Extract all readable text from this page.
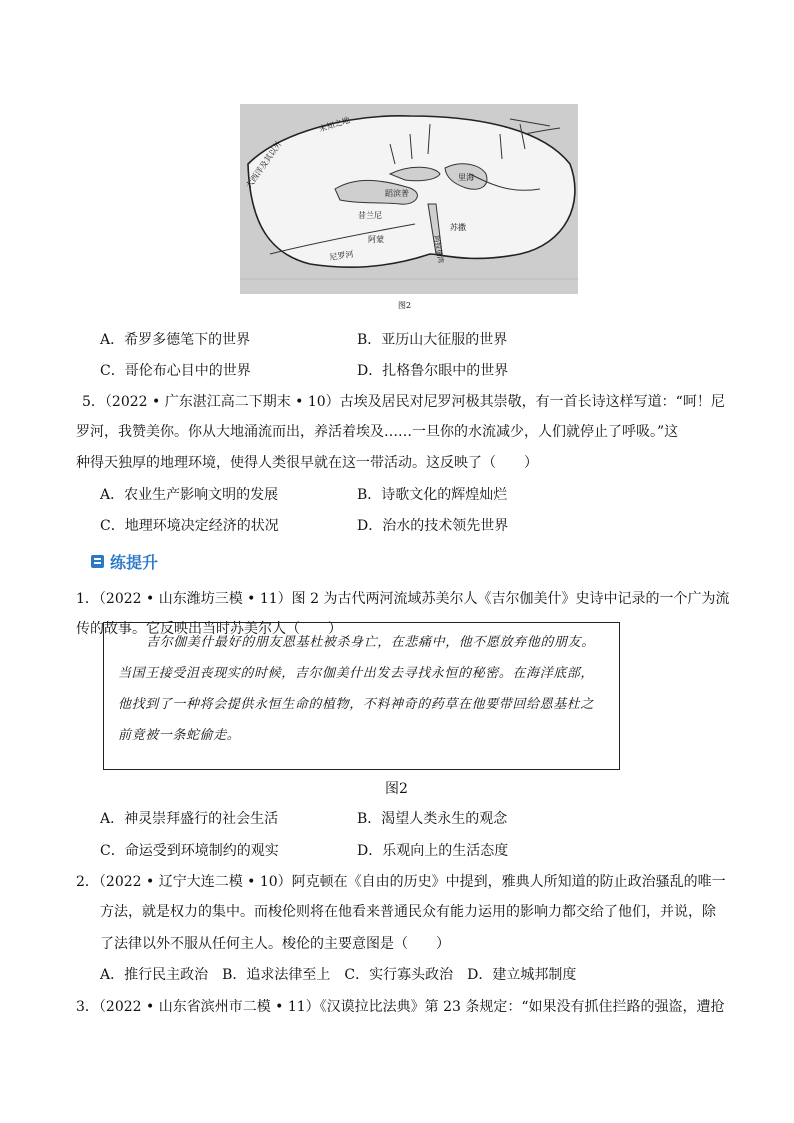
大西洋及其以外
未知之地
蹈滨普
里海
昔兰尼
苏撒
阿蒙	阿拉伯湾
尼罗河
图2
A．希罗多德笔下的世界	B．亚历山大征服的世界
C．哥伦布心目中的世界	D．扎格鲁尔眼中的世界
5．（2022 • 广东湛江高二下期末 • 10）古埃及居民对尼罗河极其崇敬，有一首长诗这样写道：“呵！尼
罗河，我赞美你。你从大地涌流而出，养活着埃及……一旦你的水流减少，人们就停止了呼吸。”这
种得天独厚的地理环境，使得人类很早就在这一带活动。这反映了（　　）
A．农业生产影响文明的发展	B．诗歌文化的辉煌灿烂
C．地理环境决定经济的状况	D．治水的技术领先世界
练提升
1．（2022 • 山东潍坊三模 • 11）图 2 为古代两河流域苏美尔人《吉尔伽美什》史诗中记录的一个广为流
传的故事。它反映出当时苏美尔人（　　）
吉尔伽美什最好的朋友恩基杜被杀身亡，在悲痛中，他不愿放弃他的朋友。当国王接受沮丧现实的时候，吉尔伽美什出发去寻找永恒的秘密。在海洋底部，他找到了一种将会提供永恒生命的植物，不料神奇的药草在他要带回给恩基杜之前竟被一条蛇偷走。
图2
A．神灵崇拜盛行的社会生活	B．渴望人类永生的观念
C．命运受到环境制约的观实	D．乐观向上的生活态度
2．（2022 • 辽宁大连二模 • 10）阿克顿在《自由的历史》中提到，雅典人所知道的防止政治骚乱的唯一
方法，就是权力的集中。而梭伦则将在他看来普通民众有能力运用的影响力都交给了他们，并说，除
了法律以外不服从任何主人。梭伦的主要意图是（　　）
A．推行民主政治　B．追求法律至上　C．实行寡头政治　D．建立城邦制度
3．（2022 • 山东省滨州市二模 • 11）《汉谟拉比法典》第 23 条规定：“如果没有抓住拦路的强盗，遭抢
